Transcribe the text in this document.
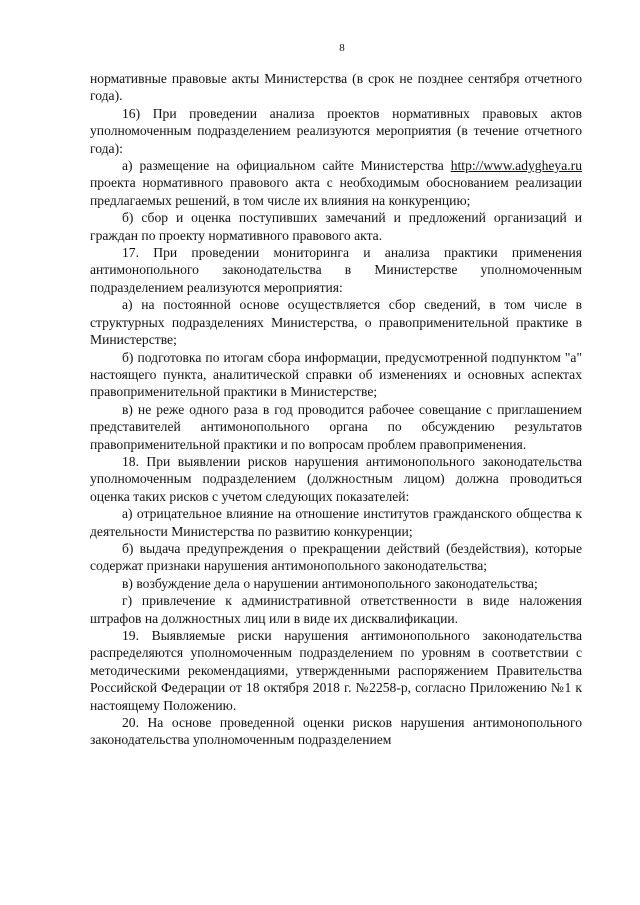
8

нормативные правовые акты Министерства (в срок не позднее сентября отчетного года).

16) При проведении анализа проектов нормативных правовых актов уполномоченным подразделением реализуются мероприятия (в течение отчетного года):

а) размещение на официальном сайте Министерства http://www.adygheya.ru проекта нормативного правового акта с необходимым обоснованием реализации предлагаемых решений, в том числе их влияния на конкуренцию;

б) сбор и оценка поступивших замечаний и предложений организаций и граждан по проекту нормативного правового акта.

17. При проведении мониторинга и анализа практики применения антимонопольного законодательства в Министерстве уполномоченным подразделением реализуются мероприятия:

а) на постоянной основе осуществляется сбор сведений, в том числе в структурных подразделениях Министерства, о правоприменительной практике в Министерстве;

б) подготовка по итогам сбора информации, предусмотренной подпунктом "а" настоящего пункта, аналитической справки об изменениях и основных аспектах правоприменительной практики в Министерстве;

в) не реже одного раза в год проводится рабочее совещание с приглашением представителей антимонопольного органа по обсуждению результатов правоприменительной практики и по вопросам проблем правоприменения.

18. При выявлении рисков нарушения антимонопольного законодательства уполномоченным подразделением (должностным лицом) должна проводиться оценка таких рисков с учетом следующих показателей:

а) отрицательное влияние на отношение институтов гражданского общества к деятельности Министерства по развитию конкуренции;

б) выдача предупреждения о прекращении действий (бездействия), которые содержат признаки нарушения антимонопольного законодательства;

в) возбуждение дела о нарушении антимонопольного законодательства;

г) привлечение к административной ответственности в виде наложения штрафов на должностных лиц или в виде их дисквалификации.

19. Выявляемые риски нарушения антимонопольного законодательства распределяются уполномоченным подразделением по уровням в соответствии с методическими рекомендациями, утвержденными распоряжением Правительства Российской Федерации от 18 октября 2018 г. №2258-р, согласно Приложению №1 к настоящему Положению.

20. На основе проведенной оценки рисков нарушения антимонопольного законодательства уполномоченным подразделением
